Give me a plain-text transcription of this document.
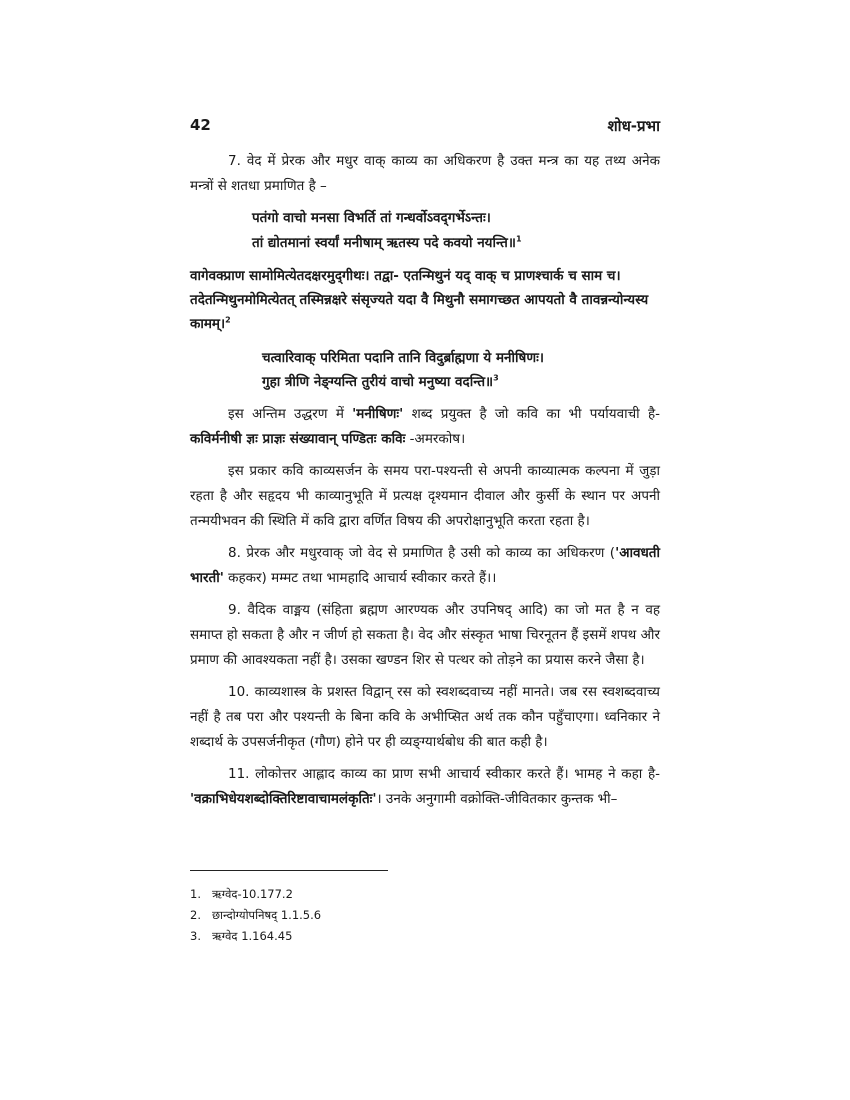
42	शोध-प्रभा

7. वेद में प्रेरक और मधुर वाक् काव्य का अधिकरण है उक्त मन्त्र का यह तथ्य अनेक मन्त्रों से शतधा प्रमाणित है –

पतंगो वाचो मनसा विभर्ति तां गन्धर्वोऽवद्‌गर्भेऽन्तः।
तां द्योतमानां स्वर्यां मनीषाम् ऋतस्य पदे कवयो नयन्ति॥$^1$

वागेवक्प्राण सामोमित्येतदक्षरमुद्‌गीथः। तद्वा- एतन्मिथुनं यद् वाक् च प्राणश्चार्क च साम च। तदेतन्मिथुनमोमित्येतत् तस्मिन्नक्षरे संसृज्यते यदा वै मिथुनौ समागच्छत आपयतो वै तावन्नन्योन्यस्य कामम्।$^2$

चत्वारिवाक् परिमिता पदानि तानि विदुर्ब्राह्मणा ये मनीषिणः।
गुहा त्रीणि नेङ्ग्यन्ति तुरीयं वाचो मनुष्या वदन्ति॥$^3$

इस अन्तिम उद्धरण में 'मनीषिणः' शब्द प्रयुक्त है जो कवि का भी पर्यायवाची है- कविर्मनीषी ज्ञः प्राज्ञः संख्यावान् पण्डितः कविः -अमरकोष।

इस प्रकार कवि काव्यसर्जन के समय परा-पश्यन्ती से अपनी काव्यात्मक कल्पना में जुड़ा रहता है और सहृदय भी काव्यानुभूति में प्रत्यक्ष दृश्यमान दीवाल और कुर्सी के स्थान पर अपनी तन्मयीभवन की स्थिति में कवि द्वारा वर्णित विषय की अपरोक्षानुभूति करता रहता है।

8. प्रेरक और मधुरवाक् जो वेद से प्रमाणित है उसी को काव्य का अधिकरण ('आवधती भारती' कहकर) मम्मट तथा भामहादि आचार्य स्वीकार करते हैं।।

9. वैदिक वाङ्मय (संहिता ब्रह्मण आरण्यक और उपनिषद् आदि) का जो मत है न वह समाप्त हो सकता है और न जीर्ण हो सकता है। वेद और संस्कृत भाषा चिरनूतन हैं इसमें शपथ और प्रमाण की आवश्यकता नहीं है। उसका खण्डन शिर से पत्थर को तोड़ने का प्रयास करने जैसा है।

10. काव्यशास्त्र के प्रशस्त विद्वान् रस को स्वशब्दवाच्य नहीं मानते। जब रस स्वशब्दवाच्य नहीं है तब परा और पश्यन्ती के बिना कवि के अभीप्सित अर्थ तक कौन पहुँचाएगा। ध्वनिकार ने शब्दार्थ के उपसर्जनीकृत (गौण) होने पर ही व्यङ्ग्यार्थबोध की बात कही है।

11. लोकोत्तर आह्लाद काव्य का प्राण सभी आचार्य स्वीकार करते हैं। भामह ने कहा है- 'वक्राभिधेयशब्दोक्तिरिष्टावाचामलंकृतिः'। उनके अनुगामी वक्रोक्ति-जीवितकार कुन्तक भी–

1. ऋग्वेद-10.177.2
2. छान्दोग्योपनिषद् 1.1.5.6
3. ऋग्वेद 1.164.45
